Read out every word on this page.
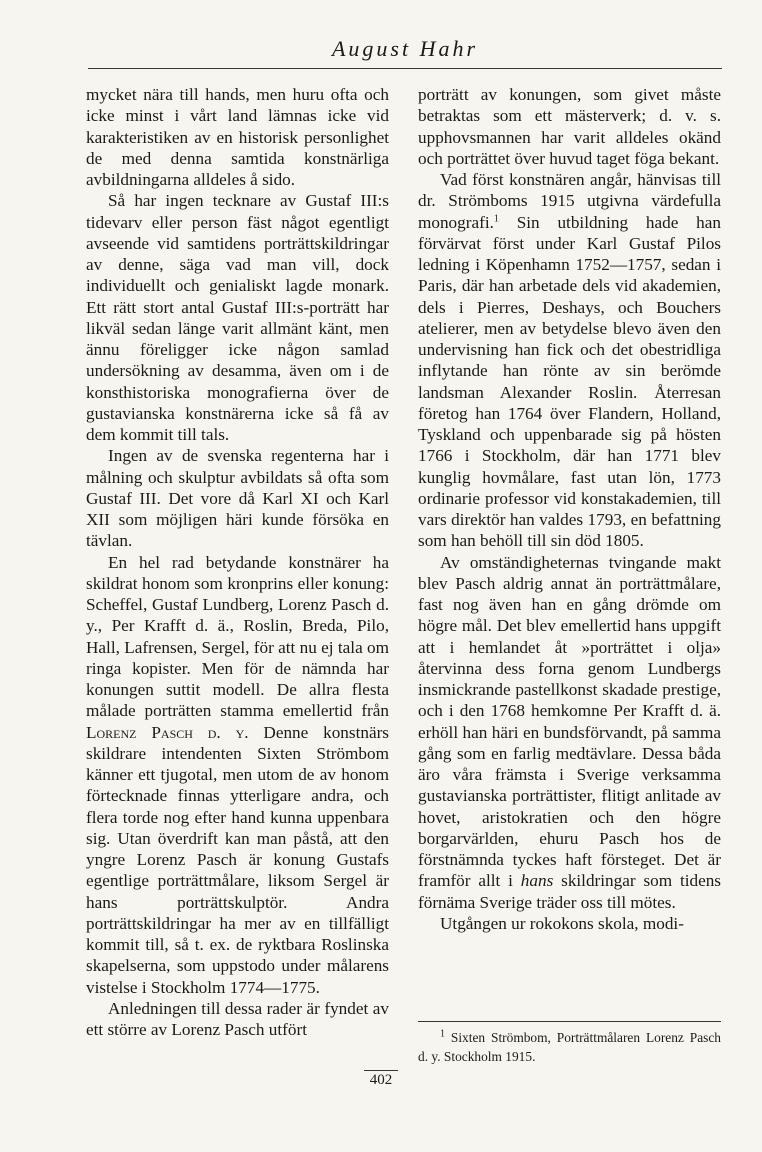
August Hahr

mycket nära till hands, men huru ofta och icke minst i vårt land lämnas icke vid karakteristiken av en historisk personlighet de med denna samtida konstnärliga avbildningarna alldeles å sido.

Så har ingen tecknare av Gustaf III:s tidevarv eller person fäst något egentligt avseende vid samtidens porträttskildringar av denne, säga vad man vill, dock individuellt och genialiskt lagde monark. Ett rätt stort antal Gustaf III:s-porträtt har likväl sedan länge varit allmänt känt, men ännu föreligger icke någon samlad undersökning av desamma, även om i de konsthistoriska monografierna över de gustavianska konstnärerna icke så få av dem kommit till tals.

Ingen av de svenska regenterna har i målning och skulptur avbildats så ofta som Gustaf III. Det vore då Karl XI och Karl XII som möjligen häri kunde försöka en tävlan.

En hel rad betydande konstnärer ha skildrat honom som kronprins eller konung: Scheffel, Gustaf Lundberg, Lorenz Pasch d. y., Per Krafft d. ä., Roslin, Breda, Pilo, Hall, Lafrensen, Sergel, för att nu ej tala om ringa kopister. Men för de nämnda har konungen suttit modell. De allra flesta målade porträtten stamma emellertid från Lorenz Pasch d. y. Denne konstnärs skildrare intendenten Sixten Strömbom känner ett tjugotal, men utom de av honom förtecknade finnas ytterligare andra, och flera torde nog efter hand kunna uppenbara sig. Utan överdrift kan man påstå, att den yngre Lorenz Pasch är konung Gustafs egentlige porträttmålare, liksom Sergel är hans porträttskulptör. Andra porträttskildringar ha mer av en tillfälligt kommit till, så t. ex. de ryktbara Roslinska skapelserna, som uppstodo under målarens vistelse i Stockholm 1774—1775.

Anledningen till dessa rader är fyndet av ett större av Lorenz Pasch utfört

porträtt av konungen, som givet måste betraktas som ett mästerverk; d. v. s. upphovsmannen har varit alldeles okänd och porträttet över huvud taget föga bekant.

Vad först konstnären angår, hänvisas till dr. Strömboms 1915 utgivna värdefulla monografi.$^1$ Sin utbildning hade han förvärvat först under Karl Gustaf Pilos ledning i Köpenhamn 1752—1757, sedan i Paris, där han arbetade dels vid akademien, dels i Pierres, Deshays, och Bouchers atelierer, men av betydelse blevo även den undervisning han fick och det obestridliga inflytande han rönte av sin berömde landsman Alexander Roslin. Återresan företog han 1764 över Flandern, Holland, Tyskland och uppenbarade sig på hösten 1766 i Stockholm, där han 1771 blev kunglig hovmålare, fast utan lön, 1773 ordinarie professor vid konstakademien, till vars direktör han valdes 1793, en befattning som han behöll till sin död 1805.

Av omständigheternas tvingande makt blev Pasch aldrig annat än porträttmålare, fast nog även han en gång drömde om högre mål. Det blev emellertid hans uppgift att i hemlandet åt »porträttet i olja» återvinna dess forna genom Lundbergs insmickrande pastellkonst skadade prestige, och i den 1768 hemkomne Per Krafft d. ä. erhöll han häri en bundsförvandt, på samma gång som en farlig medtävlare. Dessa båda äro våra främsta i Sverige verksamma gustavianska porträttister, flitigt anlitade av hovet, aristokratien och den högre borgarvärlden, ehuru Pasch hos de förstnämnda tyckes haft försteget. Det är framför allt i hans skildringar som tidens förnäma Sverige träder oss till mötes.

Utgången ur rokokons skola, modi-

$^1$ Sixten Strömbom, Porträttmålaren Lorenz Pasch d. y. Stockholm 1915.

402
